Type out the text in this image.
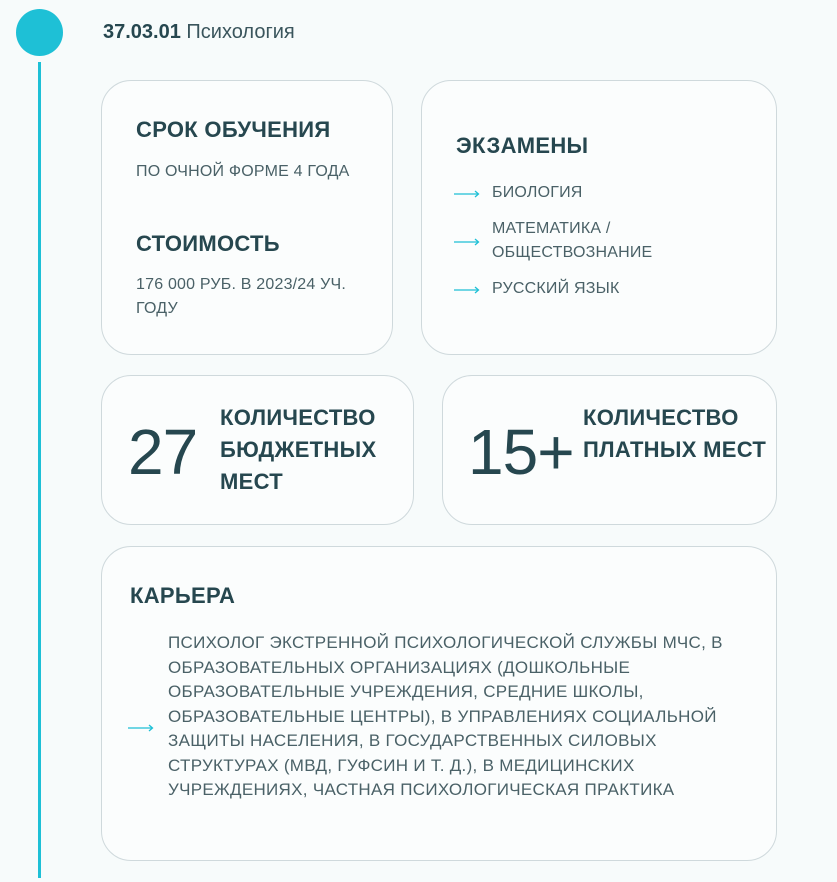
37.03.01 Психология
СРОК ОБУЧЕНИЯ
ПО ОЧНОЙ ФОРМЕ 4 ГОДА
СТОИМОСТЬ
176 000 РУБ. В 2023/24 УЧ. ГОДУ
ЭКЗАМЕНЫ
БИОЛОГИЯ
МАТЕМАТИКА / ОБЩЕСТВОЗНАНИЕ
РУССКИЙ ЯЗЫК
27 КОЛИЧЕСТВО БЮДЖЕТНЫХ МЕСТ	15+ КОЛИЧЕСТВО ПЛАТНЫХ МЕСТ
КАРЬЕРА
ПСИХОЛОГ ЭКСТРЕННОЙ ПСИХОЛОГИЧЕСКОЙ СЛУЖБЫ МЧС, В ОБРАЗОВАТЕЛЬНЫХ ОРГАНИЗАЦИЯХ (ДОШКОЛЬНЫЕ ОБРАЗОВАТЕЛЬНЫЕ УЧРЕЖДЕНИЯ, СРЕДНИЕ ШКОЛЫ, ОБРАЗОВАТЕЛЬНЫЕ ЦЕНТРЫ), В УПРАВЛЕНИЯХ СОЦИАЛЬНОЙ ЗАЩИТЫ НАСЕЛЕНИЯ, В ГОСУДАРСТВЕННЫХ СИЛОВЫХ СТРУКТУРАХ (МВД, ГУФСИН И Т. Д.), В МЕДИЦИНСКИХ УЧРЕЖДЕНИЯХ, ЧАСТНАЯ ПСИХОЛОГИЧЕСКАЯ ПРАКТИКА
